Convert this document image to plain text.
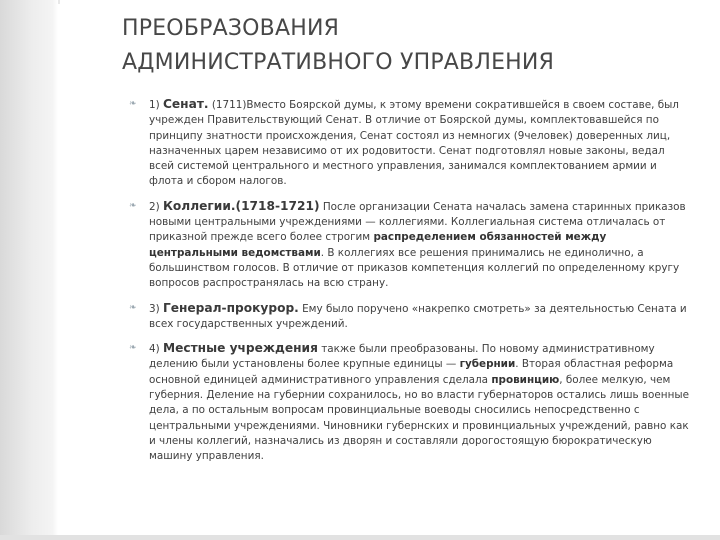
ПРЕОБРАЗОВАНИЯ
АДМИНИСТРАТИВНОГО УПРАВЛЕНИЯ
❧ 1) Сенат. (1711)Вместо Боярской думы, к этому времени сократившейся в своем составе, был учрежден Правительствующий Сенат. В отличие от Боярской думы, комплектовавшейся по принципу знатности происхождения, Сенат состоял из немногих (9человек) доверенных лиц, назначенных царем независимо от их родовитости. Сенат подготовлял новые законы, ведал всей системой центрального и местного управления, занимался комплектованием армии и флота и сбором налогов.
❧ 2) Коллегии.(1718-1721) После организации Сената началась замена старинных приказов новыми центральными учреждениями — коллегиями. Коллегиальная система отличалась от приказной прежде всего более строгим распределением обязанностей между центральными ведомствами. В коллегиях все решения принимались не единолично, а большинством голосов. В отличие от приказов компетенция коллегий по определенному кругу вопросов распространялась на всю страну.
❧ 3) Генерал-прокурор. Ему было поручено «накрепко смотреть» за деятельностью Сената и всех государственных учреждений.
❧ 4) Местные учреждения также были преобразованы. По новому административному делению были установлены более крупные единицы — губернии. Вторая областная реформа основной единицей административного управления сделала провинцию, более мелкую, чем губерния. Деление на губернии сохранилось, но во власти губернаторов остались лишь военные дела, а по остальным вопросам провинциальные воеводы сносились непосредственно с центральными учреждениями. Чиновники губернских и провинциальных учреждений, равно как и члены коллегий, назначались из дворян и составляли дорогостоящую бюрократическую машину управления.
